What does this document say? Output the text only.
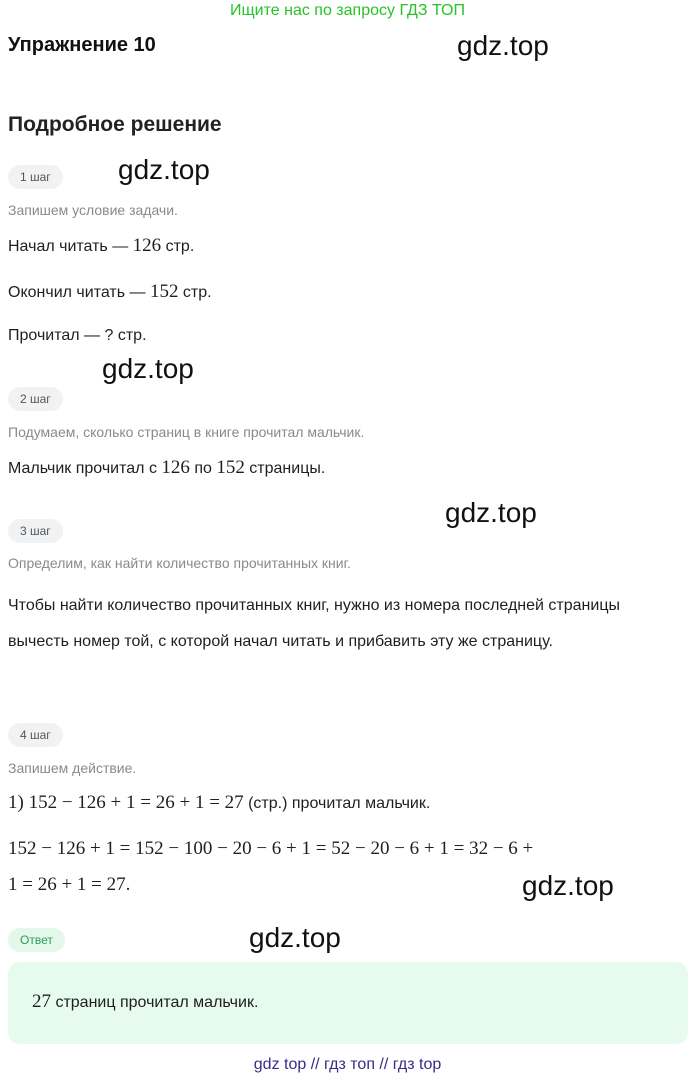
Ищите нас по запросу ГДЗ ТОП
Упражнение 10	gdz.top
Подробное решение
1 шаг	gdz.top
Запишем условие задачи.
Начал читать — 126 стр.
Окончил читать — 152 стр.
Прочитал — ? стр.
gdz.top
2 шаг
Подумаем, сколько страниц в книге прочитал мальчик.
Мальчик прочитал с 126 по 152 страницы.
gdz.top
3 шаг
Определим, как найти количество прочитанных книг.
Чтобы найти количество прочитанных книг, нужно из номера последней страницы вычесть номер той, с которой начал читать и прибавить эту же страницу.
4 шаг
Запишем действие.
1) 152 − 126 + 1 = 26 + 1 = 27 (стр.) прочитал мальчик.
152 − 126 + 1 = 152 − 100 − 20 − 6 + 1 = 52 − 20 − 6 + 1 = 32 − 6 +
1 = 26 + 1 = 27.	gdz.top
Ответ	gdz.top
27 страниц прочитал мальчик.
gdz top // гдз топ // гдз top
